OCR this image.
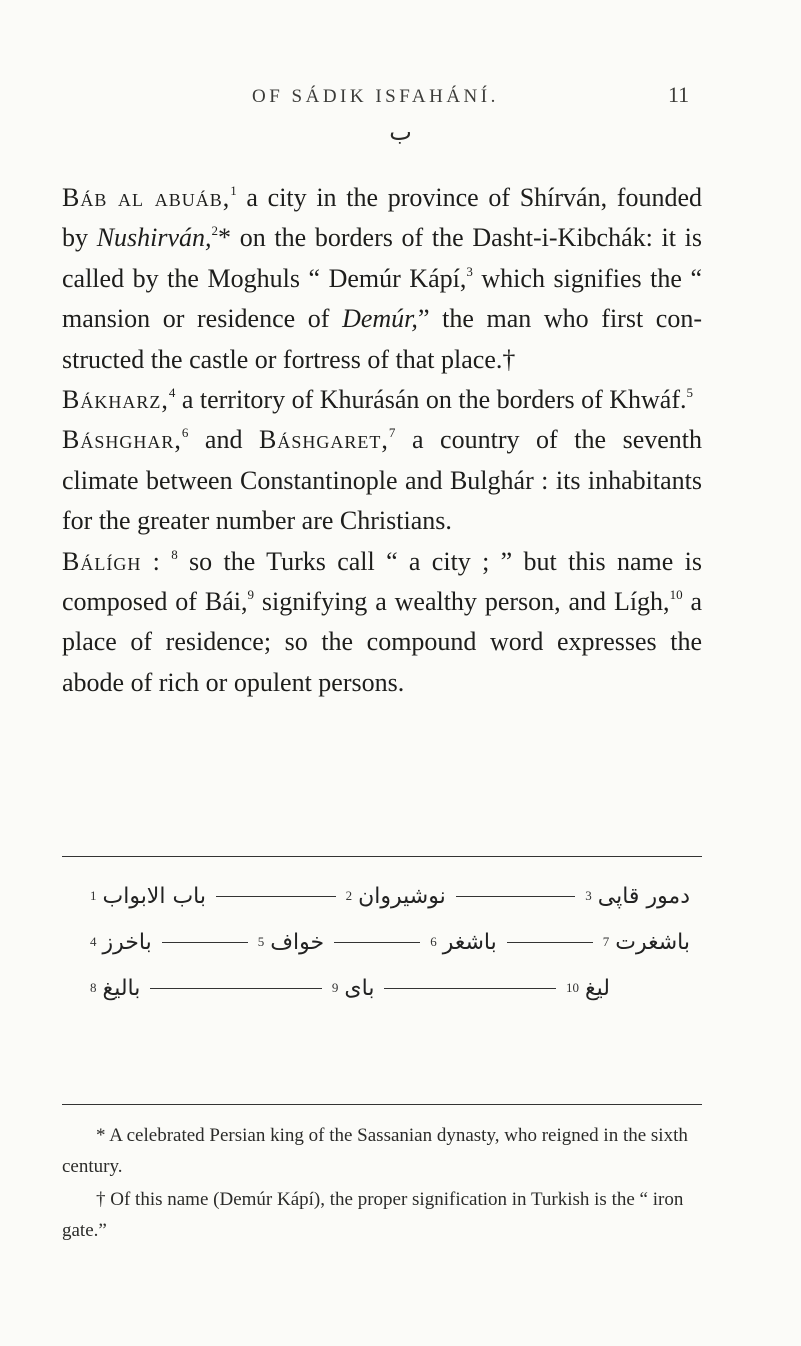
OF SÁDIK ISFAHÁNÍ.	11
ب

Báb al abuáb,$^1$ a city in the province of Shírván, founded by Nushirván,$^2$* on the borders of the Dasht-i-Kibchák: it is called by the Moghuls “ Demúr Kápí,$^3$ which signifies the “ mansion or residence of Demúr,” the man who first constructed the castle or fortress of that place.†

Bákharz,$^4$ a territory of Khurásán on the borders of Khwáf.$^5$

Báshghar,$^6$ and Báshgaret,$^7$ a country of the seventh climate between Constantinople and Bulghár : its inhabitants for the greater number are Christians.

Bálígh : $^8$ so the Turks call “ a city ; ” but this name is composed of Bái,$^9$ signifying a wealthy person, and Lígh,$^{10}$ a place of residence; so the compound word expresses the abode of rich or opulent persons.

1 باب الابواب	2 نوشیروان	3 دمور قاپی
4 باخرز	5 خواف	6 باشغر	7 باشغرت
8 بالیغ	9 بای	10 لیغ

* A celebrated Persian king of the Sassanian dynasty, who reigned in the sixth century.

† Of this name (Demúr Kápí), the proper signification in Turkish is the “ iron gate.”
